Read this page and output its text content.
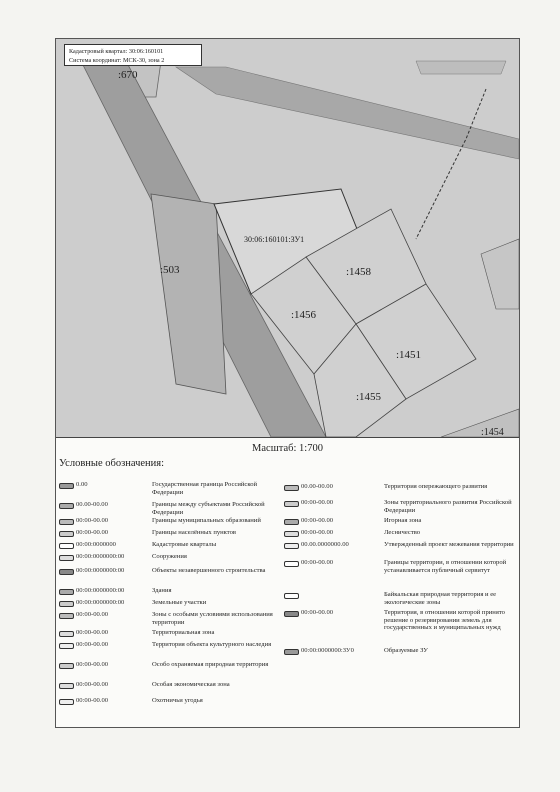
Кадастровый квартал: 30:06:160101
Система координат: МСК-30, зона 2
:670
:503
30:06:160101:ЗУ1
:1458
:1456
:1451
:1455
:1454
Масштаб: 1:700
Условные обозначения:
0.00	Государственная граница Российской Федерации
00.00-00.00	Границы между субъектами Российской Федерации
00:00-00.00	Границы муниципальных образований
00:00-00.00	Границы населённых пунктов
00:00:0000000	Кадастровые кварталы
00:00:0000000:00	Сооружения
00:00:0000000:00	Объекты незавершенного строительства
00:00:0000000:00	Здания
00:00:0000000:00	Земельные участки
00:00-00.00	Зоны с особыми условиями использования территории
00:00-00.00	Территориальная зона
00:00-00.00	Территория объекта культурного наследия
00:00-00.00	Особо охраняемая природная территория
00:00-00.00	Особая экономическая зона
00:00-00.00	Охотничьи угодья
00.00-00.00	Территория опережающего развития
00:00-00.00	Зоны территориального развития Российской Федерации
00:00-00.00	Игорная зона
00:00-00.00	Лесничество
00.00.0000000.00	Утвержденный проект межевания территории
00:00-00.00	Границы территории, в отношении которой устанавливается публичный сервитут
Байкальская природная территория и ее экологические зоны
00:00-00.00	Территория, в отношении которой принято решение о резервировании земель для государственных и муниципальных нужд
00:00:0000000:ЗУ0	Образуемые ЗУ
